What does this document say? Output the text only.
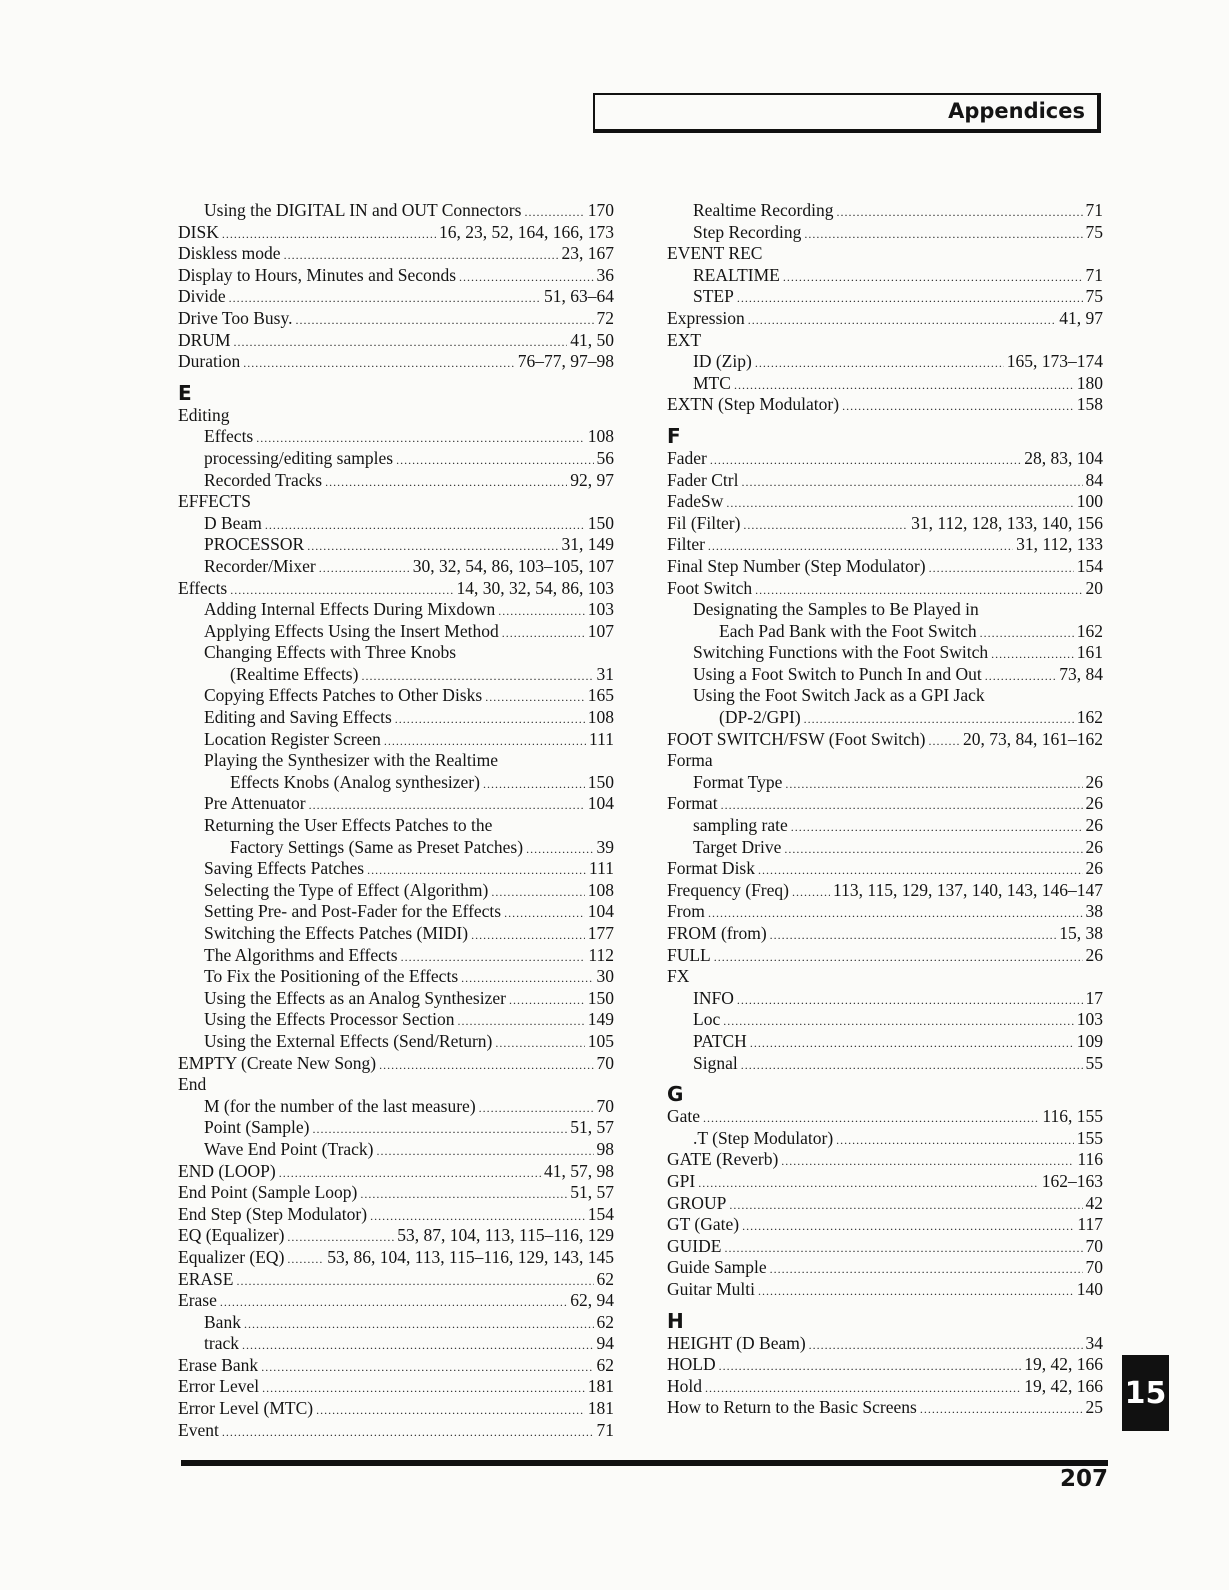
Appendices
Using the DIGITAL IN and OUT Connectors .....	170
DISK .....	16, 23, 52, 164, 166, 173
Diskless mode .....	23, 167
Display to Hours, Minutes and Seconds .....	36
Divide .....	51, 63–64
Drive Too Busy. .....	72
DRUM .....	41, 50
Duration .....	76–77, 97–98
E
Editing
Effects .....	108
processing/editing samples .....	56
Recorded Tracks .....	92, 97
EFFECTS
D Beam .....	150
PROCESSOR .....	31, 149
Recorder/Mixer .....	30, 32, 54, 86, 103–105, 107
Effects .....	14, 30, 32, 54, 86, 103
Adding Internal Effects During Mixdown .....	103
Applying Effects Using the Insert Method .....	107
Changing Effects with Three Knobs
(Realtime Effects) .....	31
Copying Effects Patches to Other Disks .....	165
Editing and Saving Effects .....	108
Location Register Screen .....	111
Playing the Synthesizer with the Realtime
Effects Knobs (Analog synthesizer) .....	150
Pre Attenuator .....	104
Returning the User Effects Patches to the
Factory Settings (Same as Preset Patches) .....	39
Saving Effects Patches .....	111
Selecting the Type of Effect (Algorithm) .....	108
Setting Pre- and Post-Fader for the Effects .....	104
Switching the Effects Patches (MIDI) .....	177
The Algorithms and Effects .....	112
To Fix the Positioning of the Effects .....	30
Using the Effects as an Analog Synthesizer .....	150
Using the Effects Processor Section .....	149
Using the External Effects (Send/Return) .....	105
EMPTY (Create New Song) .....	70
End
M (for the number of the last measure) .....	70
Point (Sample) .....	51, 57
Wave End Point (Track) .....	98
END (LOOP) .....	41, 57, 98
End Point (Sample Loop) .....	51, 57
End Step (Step Modulator) .....	154
EQ (Equalizer) .....	53, 87, 104, 113, 115–116, 129
Equalizer (EQ) ..... 53, 86, 104, 113, 115–116, 129, 143, 145
ERASE .....	62
Erase .....	62, 94
Bank .....	62
track .....	94
Erase Bank .....	62
Error Level .....	181
Error Level (MTC) .....	181
Event .....	71
Realtime Recording .....	71
Step Recording .....	75
EVENT REC
REALTIME .....	71
STEP .....	75
Expression .....	41, 97
EXT
ID (Zip) .....	165, 173–174
MTC .....	180
EXTN (Step Modulator) .....	158
F
Fader .....	28, 83, 104
Fader Ctrl .....	84
FadeSw .....	100
Fil (Filter) .....	31, 112, 128, 133, 140, 156
Filter .....	31, 112, 133
Final Step Number (Step Modulator) .....	154
Foot Switch .....	20
Designating the Samples to Be Played in
Each Pad Bank with the Foot Switch .....	162
Switching Functions with the Foot Switch .....	161
Using a Foot Switch to Punch In and Out .....	73, 84
Using the Foot Switch Jack as a GPI Jack
(DP-2/GPI) .....	162
FOOT SWITCH/FSW (Foot Switch) ..... 20, 73, 84, 161–162
Forma
Format Type .....	26
Format .....	26
sampling rate .....	26
Target Drive .....	26
Format Disk .....	26
Frequency (Freq) .....	113, 115, 129, 137, 140, 143, 146–147
From .....	38
FROM (from) .....	15, 38
FULL .....	26
FX
INFO .....	17
Loc .....	103
PATCH .....	109
Signal .....	55
G
Gate .....	116, 155
.T (Step Modulator) .....	155
GATE (Reverb) .....	116
GPI .....	162–163
GROUP .....	42
GT (Gate) .....	117
GUIDE .....	70
Guide Sample .....	70
Guitar Multi .....	140
H
HEIGHT (D Beam) .....	34
HOLD .....	19, 42, 166
Hold .....	19, 42, 166
How to Return to the Basic Screens .....	25 15
207
